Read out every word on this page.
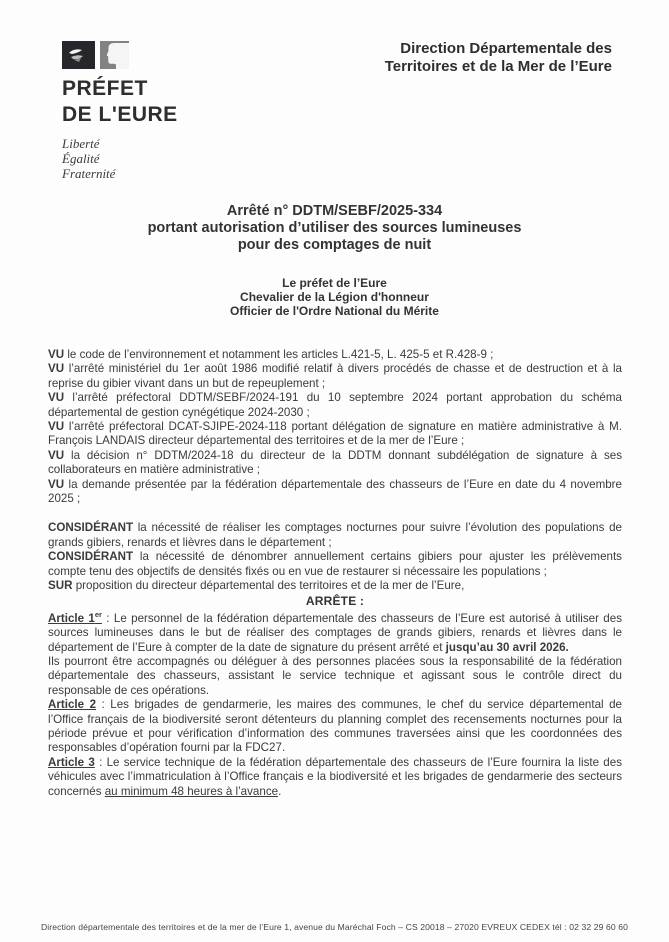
PRÉFET
DE L'EURE
Liberté
Égalité
Fraternité
Direction Départementale des
Territoires et de la Mer de l’Eure
Arrêté n° DDTM/SEBF/2025-334
portant autorisation d’utiliser des sources lumineuses
pour des comptages de nuit
Le préfet de l’Eure
Chevalier de la Légion d'honneur
Officier de l'Ordre National du Mérite

VU le code de l’environnement et notamment les articles L.421-5, L. 425-5 et R.428-9 ;

VU l’arrêté ministériel du 1er août 1986 modifié relatif à divers procédés de chasse et de destruction et à la reprise du gibier vivant dans un but de repeuplement ;

VU l’arrêté préfectoral DDTM/SEBF/2024-191 du 10 septembre 2024 portant approbation du schéma départemental de gestion cynégétique 2024-2030 ;

VU l’arrêté préfectoral DCAT-SJIPE-2024-118 portant délégation de signature en matière administrative à M. François LANDAIS directeur départemental des territoires et de la mer de l’Eure ;

VU la décision n° DDTM/2024-18 du directeur de la DDTM donnant subdélégation de signature à ses collaborateurs en matière administrative ;

VU la demande présentée par la fédération départementale des chasseurs de l’Eure en date du 4 novembre 2025 ;

CONSIDÉRANT la nécessité de réaliser les comptages nocturnes pour suivre l’évolution des populations de grands gibiers, renards et lièvres dans le département ;

CONSIDÉRANT la nécessité de dénombrer annuellement certains gibiers pour ajuster les prélèvements compte tenu des objectifs de densités fixés ou en vue de restaurer si nécessaire les populations ;

SUR proposition du directeur départemental des territoires et de la mer de l’Eure,

ARRÊTE :

Article 1er : Le personnel de la fédération départementale des chasseurs de l’Eure est autorisé à utiliser des sources lumineuses dans le but de réaliser des comptages de grands gibiers, renards et lièvres dans le département de l’Eure à compter de la date de signature du présent arrêté et jusqu’au 30 avril 2026.

Ils pourront être accompagnés ou déléguer à des personnes placées sous la responsabilité de la fédération départementale des chasseurs, assistant le service technique et agissant sous le contrôle direct du responsable de ces opérations.

Article 2 : Les brigades de gendarmerie, les maires des communes, le chef du service départemental de l’Office français de la biodiversité seront détenteurs du planning complet des recensements nocturnes pour la période prévue et pour vérification d’information des communes traversées ainsi que les coordonnées des responsables d’opération fourni par la FDC27.

Article 3 : Le service technique de la fédération départementale des chasseurs de l’Eure fournira la liste des véhicules avec l’immatriculation à l’Office français e la biodiversité et les brigades de gendarmerie des secteurs concernés au minimum 48 heures à l’avance.

Direction départementale des territoires et de la mer de l’Eure 1, avenue du Maréchal Foch – CS 20018 – 27020 EVREUX CEDEX tél : 02 32 29 60 60
